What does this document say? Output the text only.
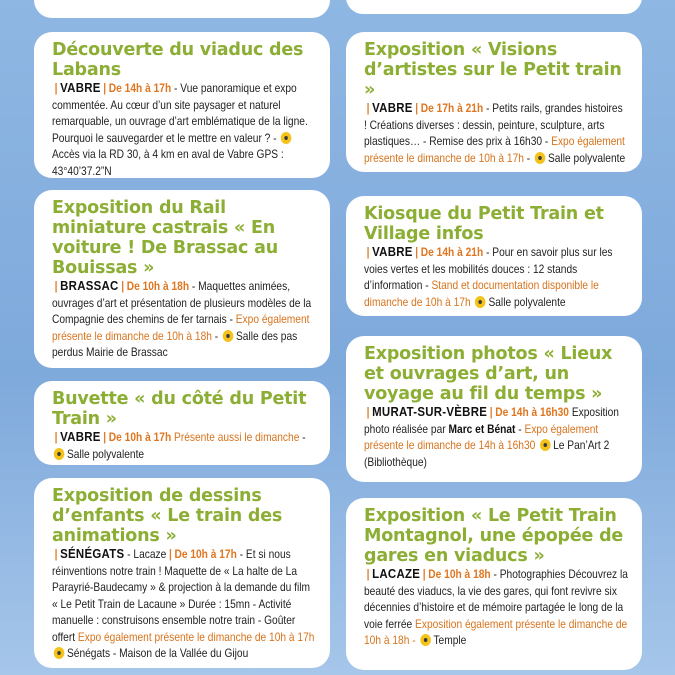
Découverte du viaduc des Labans
| VABRE | De 14h à 17h - Vue panoramique et expo commentée. Au cœur d’un site paysager et naturel remarquable, un ouvrage d’art emblématique de la ligne. Pourquoi le sauvegarder et le mettre en valeur ? - Accès via la RD 30, à 4 km en aval de Vabre GPS : 43°40’37.2”N
Exposition du Rail miniature castrais « En voiture ! De Brassac au Bouissas »
| BRASSAC | De 10h à 18h - Maquettes animées, ouvrages d’art et présentation de plusieurs modèles de la Compagnie des chemins de fer tarnais - Expo également présente le dimanche de 10h à 18h - Salle des pas perdus Mairie de Brassac
Buvette « du côté du Petit Train »
| VABRE | De 10h à 17h Présente aussi le dimanche - Salle polyvalente
Exposition de dessins d’enfants « Le train des animations »
| SÉNÉGATS - Lacaze | De 10h à 17h - Et si nous réinventions notre train ! Maquette de « La halte de La Parayrié-Baudecamy » & projection à la demande du film « Le Petit Train de Lacaune » Durée : 15mn - Activité manuelle : construisons ensemble notre train - Goûter offert Expo également présente le dimanche de 10h à 17h Sénégats - Maison de la Vallée du Gijou
Exposition « Visions d’artistes sur le Petit train »
| VABRE | De 17h à 21h - Petits rails, grandes histoires ! Créations diverses : dessin, peinture, sculpture, arts plastiques… - Remise des prix à 16h30 - Expo également présente le dimanche de 10h à 17h - Salle polyvalente
Kiosque du Petit Train et Village infos
| VABRE | De 14h à 21h - Pour en savoir plus sur les voies vertes et les mobilités douces : 12 stands d’information - Stand et documentation disponible le dimanche de 10h à 17h Salle polyvalente
Exposition photos « Lieux et ouvrages d’art, un voyage au fil du temps »
| MURAT-SUR-VÈBRE | De 14h à 16h30 Exposition photo réalisée par Marc et Bénat - Expo également présente le dimanche de 14h à 16h30 Le Pan’Art 2 (Bibliothèque)
Exposition « Le Petit Train Montagnol, une épopée de gares en viaducs »
| LACAZE | De 10h à 18h - Photographies Découvrez la beauté des viaducs, la vie des gares, qui font revivre six décennies d’histoire et de mémoire partagée le long de la voie ferrée Exposition également présente le dimanche de 10h à 18h - Temple
